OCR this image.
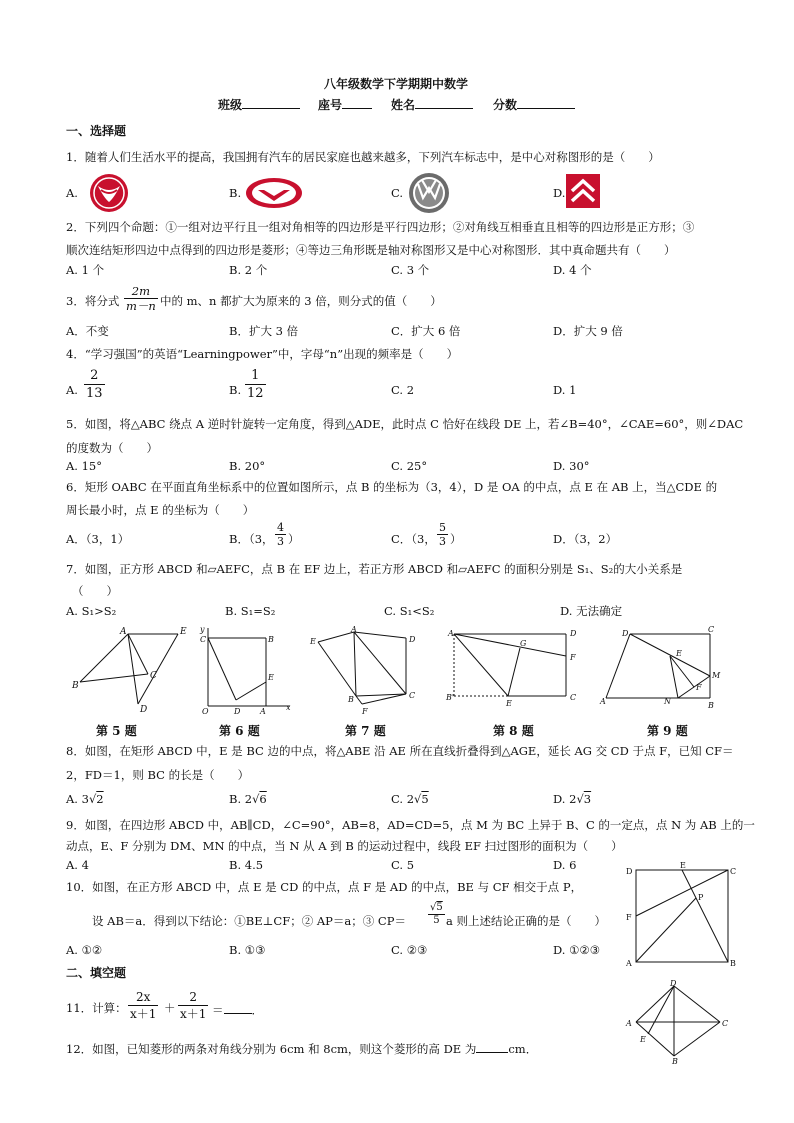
八年级数学下学期期中数学
班级	座号	姓名	分数
一、选择题
1．随着人们生活水平的提高，我国拥有汽车的居民家庭也越来越多，下列汽车标志中，是中心对称图形的是（　　）
A.	B.	C.	D.
2．下列四个命题：①一组对边平行且一组对角相等的四边形是平行四边形；②对角线互相垂直且相等的四边形是正方形；③
顺次连结矩形四边中点得到的四边形是菱形；④等边三角形既是轴对称图形又是中心对称图形．其中真命题共有（　　）
A. 1 个	B. 2 个	C. 3 个	D. 4 个
3．将分式 $\frac{2m}{m-n}$ 中的 m、n 都扩大为原来的 3 倍，则分式的值（　　）
A．不变	B．扩大 3 倍	C．扩大 6 倍	D．扩大 9 倍
4．“学习强国”的英语“Learningpower”中，字母“n”出现的频率是（　　）
A. $\frac{2}{13}$	B. $\frac{1}{12}$	C. 2	D. 1
5．如图，将△ABC 绕点 A 逆时针旋转一定角度，得到△ADE，此时点 C 恰好在线段 DE 上，若∠B=40°，∠CAE=60°，则∠DAC
的度数为（　　）
A. 15°	B. 20°	C. 25°	D. 30°
6．矩形 OABC 在平面直角坐标系中的位置如图所示，点 B 的坐标为（3，4），D 是 OA 的中点，点 E 在 AB 上，当△CDE 的
周长最小时，点 E 的坐标为（　　）
A．（3，1）	B．（3， $\frac{4}{3}$ ）	C．（3， $\frac{5}{3}$ ）	D．（3，2）
7．如图，正方形 ABCD 和▱AEFC，点 B 在 EF 边上，若正方形 ABCD 和▱AEFC 的面积分别是 S₁、S₂的大小关系是
（　　）
A. S₁>S₂	B. S₁=S₂	C. S₁<S₂	D. 无法确定
A	E
B
C
D
y
C	B
E
O	D A	x
E
A
D
B	C
F
A	D
F
G
B'
E
C
D	C
E
M
F
N
A	B
第 5 题	第 6 题	第 7 题	第 8 题	第 9 题
8．如图，在矩形 ABCD 中，E 是 BC 边的中点，将△ABE 沿 AE 所在直线折叠得到△AGE，延长 AG 交 CD 于点 F，已知 CF＝
2，FD＝1，则 BC 的长是（　　）
A. 3√2	B. 2√6	C. 2√5	D. 2√3
9．如图，在四边形 ABCD 中，AB∥CD，∠C=90°，AB=8，AD=CD=5，点 M 为 BC 上异于 B、C 的一定点，点 N 为 AB 上的一
动点，E、F 分别为 DM、MN 的中点，当 N 从 A 到 B 的运动过程中，线段 EF 扫过图形的面积为（　　）
A. 4	B. 4.5	C. 5	D. 6	D
E
C
P
F
A	B
10．如图，在正方形 ABCD 中，点 E 是 CD 的中点，点 F 是 AD 的中点，BE 与 CF 相交于点 P，
设 AB＝a．得到以下结论：①BE⊥CF；② AP＝a；③ $CP= \frac{√5}{5}$ a 则上述结论正确的是（　　）
A. ①②	B. ①③	C. ②③	D. ①②③
二、填空题
11．计算： $\frac{2x}{x+1} + \frac{2}{x+1}$ ＝ ．
D
A	C
E
B
12．如图，已知菱形的两条对角线分别为 6cm 和 8cm，则这个菱形的高 DE 为	cm．
